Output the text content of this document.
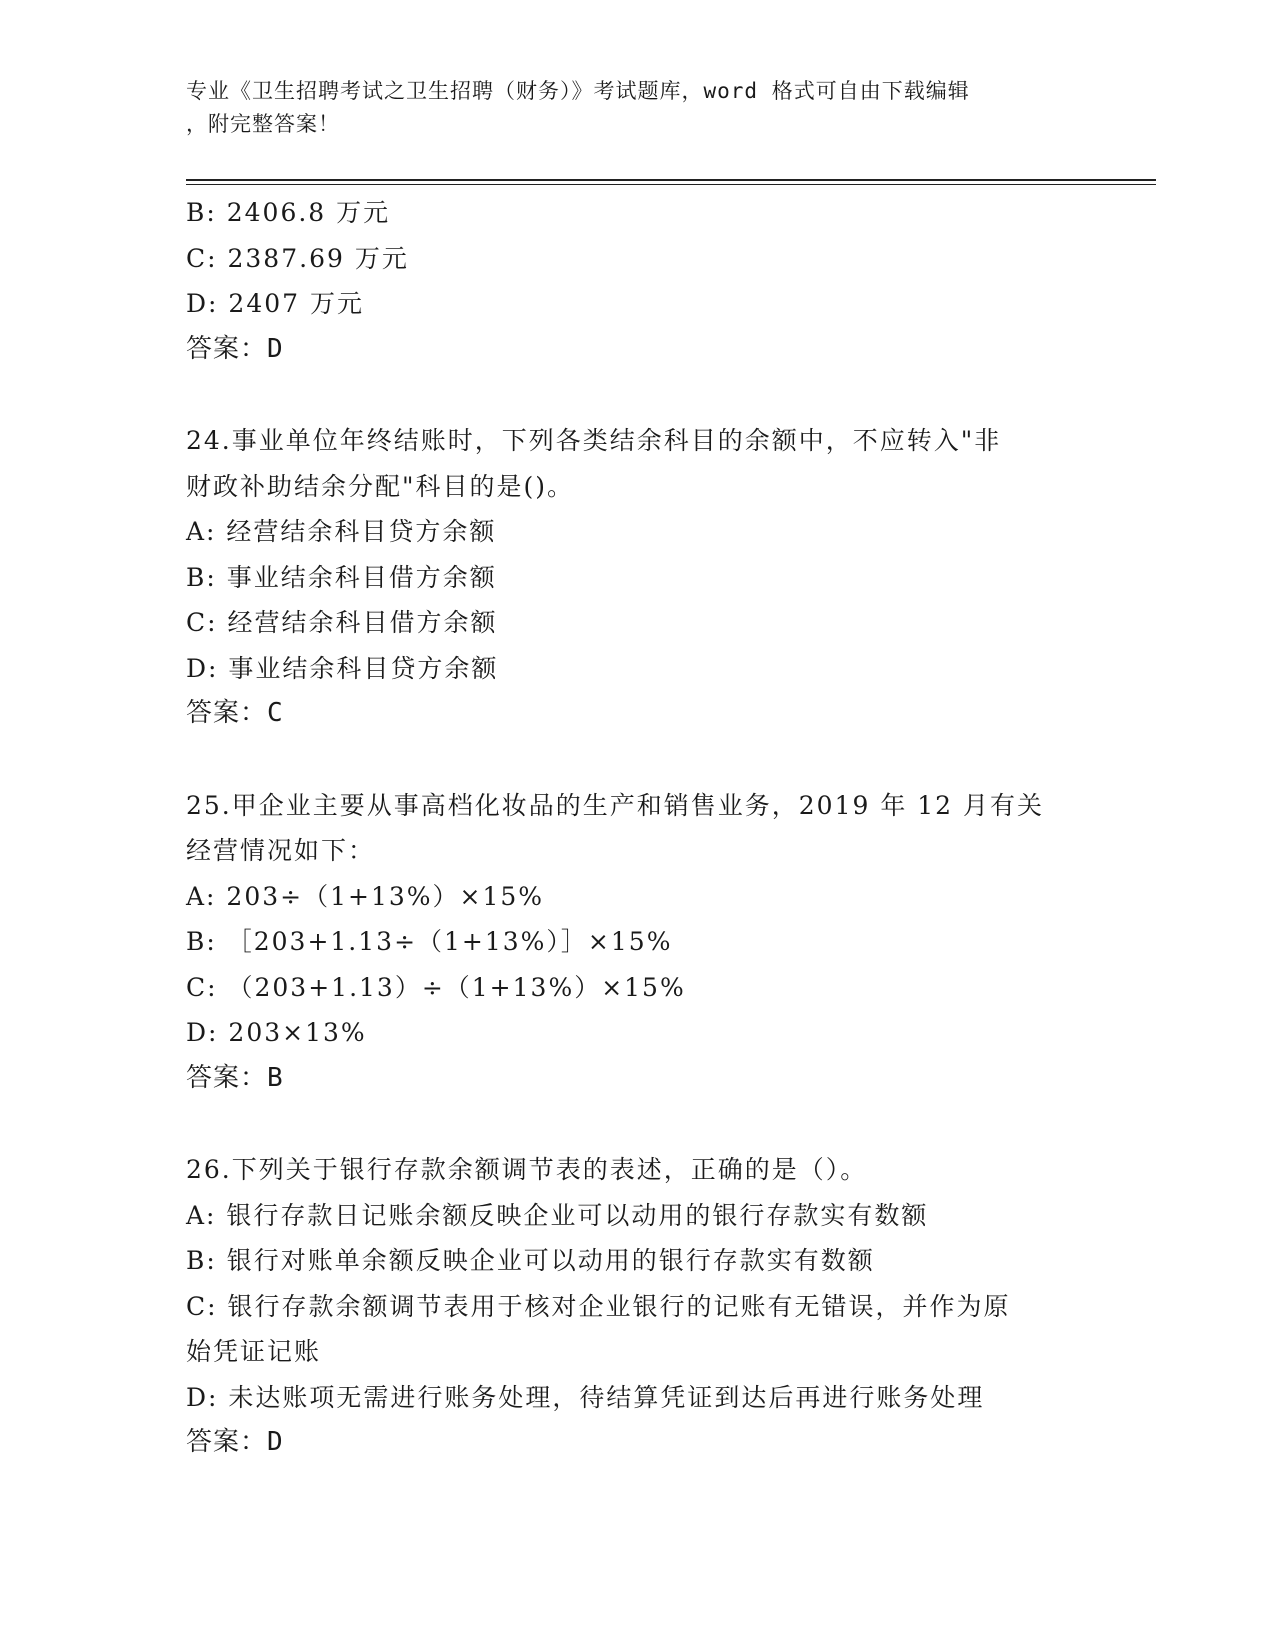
专业《卫生招聘考试之卫生招聘（财务）》考试题库，word 格式可自由下载编辑
，附完整答案！
B: 2406.8 万元
C: 2387.69 万元
D: 2407 万元
答案：D
24.事业单位年终结账时，下列各类结余科目的余额中，不应转入"非
财政补助结余分配"科目的是()。
A: 经营结余科目贷方余额
B: 事业结余科目借方余额
C: 经营结余科目借方余额
D: 事业结余科目贷方余额
答案：C
25.甲企业主要从事高档化妆品的生产和销售业务，2019 年 12 月有关
经营情况如下：
A: 203÷（1+13%）×15%
B: ［203+1.13÷（1+13%）］×15%
C: （203+1.13）÷（1+13%）×15%
D: 203×13%
答案：B
26.下列关于银行存款余额调节表的表述，正确的是（）。
A: 银行存款日记账余额反映企业可以动用的银行存款实有数额
B: 银行对账单余额反映企业可以动用的银行存款实有数额
C: 银行存款余额调节表用于核对企业银行的记账有无错误，并作为原
始凭证记账
D: 未达账项无需进行账务处理，待结算凭证到达后再进行账务处理
答案：D
